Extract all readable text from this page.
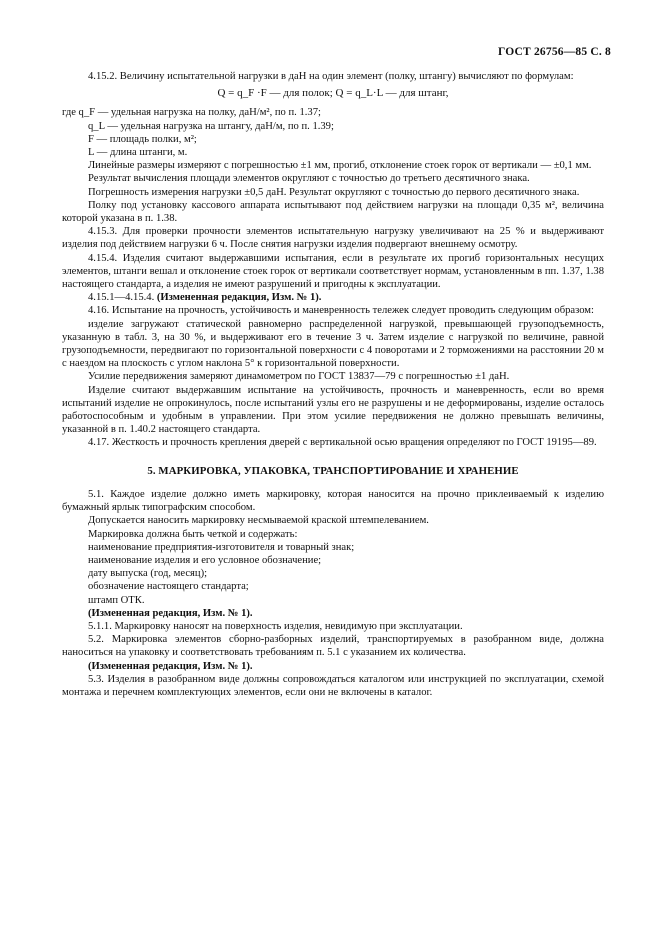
ГОСТ 26756—85 С. 8

4.15.2. Величину испытательной нагрузки в даН на один элемент (полку, штангу) вычисляют по формулам:

Q = q_F ·F — для полок; Q = q_L·L — для штанг,

где q_F — удельная нагрузка на полку, даН/м², по п. 1.37;

q_L — удельная нагрузка на штангу, даН/м, по п. 1.39;

F — площадь полки, м²;

L — длина штанги, м.

Линейные размеры измеряют с погрешностью ±1 мм, прогиб, отклонение стоек горок от вертикали — ±0,1 мм.

Результат вычисления площади элементов округляют с точностью до третьего десятичного знака.

Погрешность измерения нагрузки ±0,5 даН. Результат округляют с точностью до первого десятичного знака.

Полку под установку кассового аппарата испытывают под действием нагрузки на площади 0,35 м², величина которой указана в п. 1.38.

4.15.3. Для проверки прочности элементов испытательную нагрузку увеличивают на 25 % и выдерживают изделия под действием нагрузки 6 ч. После снятия нагрузки изделия подвергают внешнему осмотру.

4.15.4. Изделия считают выдержавшими испытания, если в результате их прогиб горизонтальных несущих элементов, штанги вешал и отклонение стоек горок от вертикали соответствует нормам, установленным в пп. 1.37, 1.38 настоящего стандарта, а изделия не имеют разрушений и пригодны к эксплуатации.

4.15.1—4.15.4. (Измененная редакция, Изм. № 1).

4.16. Испытание на прочность, устойчивость и маневренность тележек следует проводить следующим образом:

изделие загружают статической равномерно распределенной нагрузкой, превышающей грузоподъемность, указанную в табл. 3, на 30 %, и выдерживают его в течение 3 ч. Затем изделие с нагрузкой по величине, равной грузоподъемности, передвигают по горизонтальной поверхности с 4 поворотами и 2 торможениями на расстоянии 20 м с наездом на плоскость с углом наклона 5° к горизонтальной поверхности.

Усилие передвижения замеряют динамометром по ГОСТ 13837—79 с погрешностью ±1 даН.

Изделие считают выдержавшим испытание на устойчивость, прочность и маневренность, если во время испытаний изделие не опрокинулось, после испытаний узлы его не разрушены и не деформированы, изделие осталось работоспособным и удобным в управлении. При этом усилие передвижения не должно превышать величины, указанной в п. 1.40.2 настоящего стандарта.

4.17. Жесткость и прочность крепления дверей с вертикальной осью вращения определяют по ГОСТ 19195—89.

5. МАРКИРОВКА, УПАКОВКА, ТРАНСПОРТИРОВАНИЕ И ХРАНЕНИЕ

5.1. Каждое изделие должно иметь маркировку, которая наносится на прочно приклеиваемый к изделию бумажный ярлык типографским способом.

Допускается наносить маркировку несмываемой краской штемпелеванием.

Маркировка должна быть четкой и содержать:

наименование предприятия-изготовителя и товарный знак;

наименование изделия и его условное обозначение;

дату выпуска (год, месяц);

обозначение настоящего стандарта;

штамп ОТК.

(Измененная редакция, Изм. № 1).

5.1.1. Маркировку наносят на поверхность изделия, невидимую при эксплуатации.

5.2. Маркировка элементов сборно-разборных изделий, транспортируемых в разобранном виде, должна наноситься на упаковку и соответствовать требованиям п. 5.1 с указанием их количества.

(Измененная редакция, Изм. № 1).

5.3. Изделия в разобранном виде должны сопровождаться каталогом или инструкцией по эксплуатации, схемой монтажа и перечнем комплектующих элементов, если они не включены в каталог.
